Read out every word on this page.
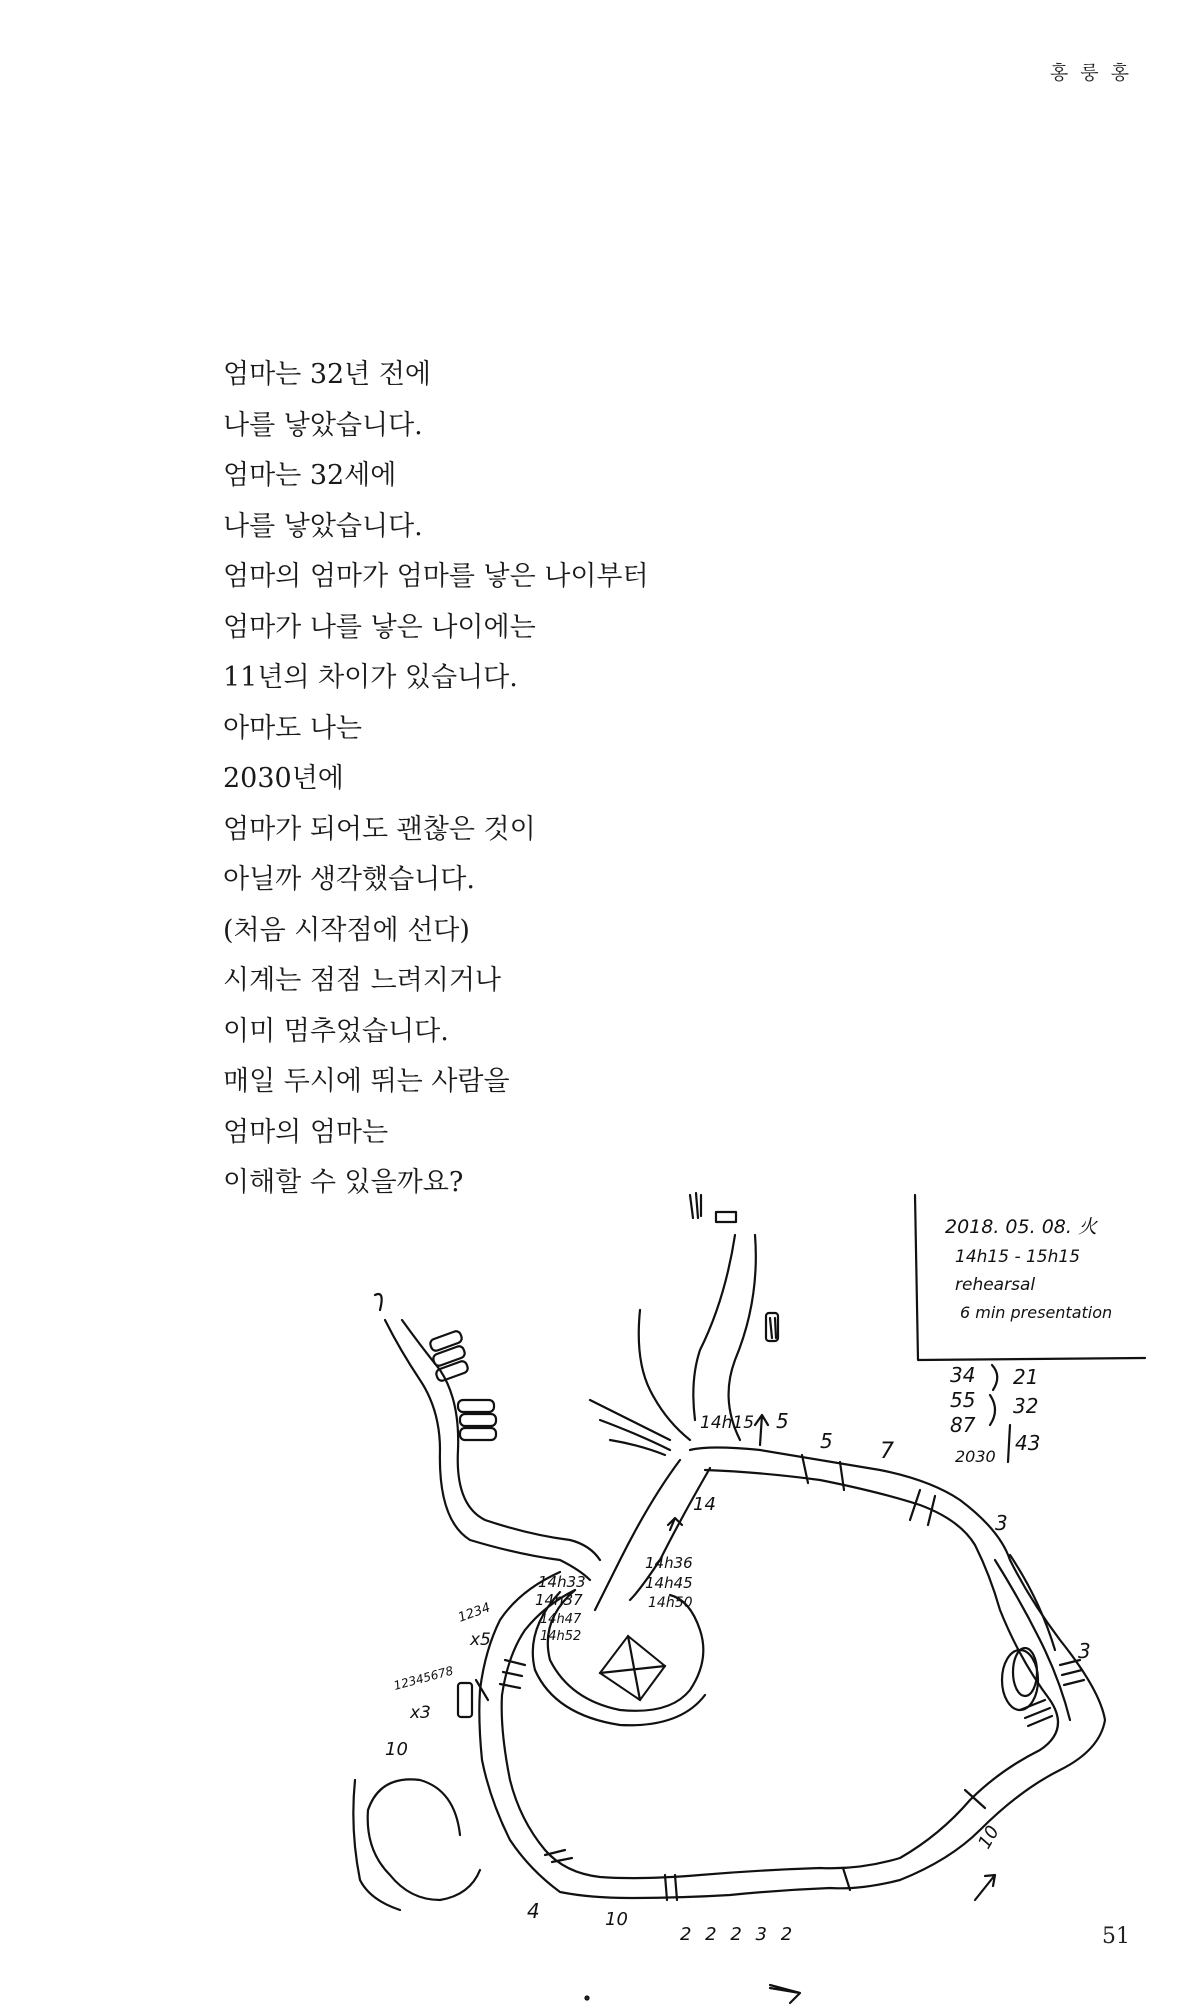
홍 룽 홍
엄마는 32년 전에
나를 낳았습니다.
엄마는 32세에
나를 낳았습니다.
엄마의 엄마가 엄마를 낳은 나이부터
엄마가 나를 낳은 나이에는
11년의 차이가 있습니다.
아마도 나는
2030년에
엄마가 되어도 괜찮은 것이
아닐까 생각했습니다.
(처음 시작점에 선다)
시계는 점점 느려지거나
이미 멈추었습니다.
매일 두시에 뛰는 사람을
엄마의 엄마는
이해할 수 있을까요?
2018. 05. 08. 火
14h15 - 15h15
rehearsal
6 min presentation
34
55
87
2030
21
32
43
14h15 5
5 7
3
3
14
14h36
14h45
14h50
14h33
14h37
14h47
14h52
1234
x5
12345678
x3
10
10
10
4
2 2 2 3 2	51
